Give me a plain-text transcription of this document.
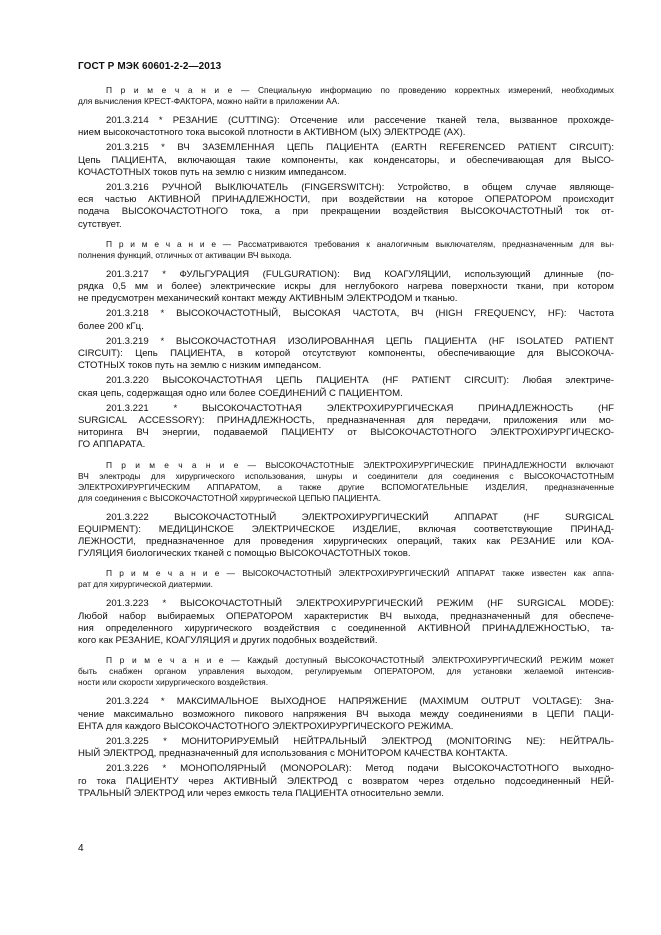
ГОСТ Р МЭК 60601-2-2—2013
П р и м е ч а н и е — Специальную информацию по проведению корректных измерений, необходимых
для вычисления КРЕСТ-ФАКТОРА, можно найти в приложении АА.
201.3.214 * РЕЗАНИЕ (CUTTING): Отсечение или рассечение тканей тела, вызванное прохожде-
нием высокочастотного тока высокой плотности в АКТИВНОМ (ЫХ) ЭЛЕКТРОДЕ (АХ).
201.3.215 * ВЧ ЗАЗЕМЛЕННАЯ ЦЕПЬ ПАЦИЕНТА (EARTH REFERENCED PATIENT CIRCUIT):
Цепь ПАЦИЕНТА, включающая такие компоненты, как конденсаторы, и обеспечивающая для ВЫСО-
КОЧАСТОТНЫХ токов путь на землю с низким импедансом.
201.3.216 РУЧНОЙ ВЫКЛЮЧАТЕЛЬ (FINGERSWITCH): Устройство, в общем случае являюще-
еся частью АКТИВНОЙ ПРИНАДЛЕЖНОСТИ, при воздействии на которое ОПЕРАТОРОМ происходит
подача ВЫСОКОЧАСТОТНОГО тока, а при прекращении воздействия ВЫСОКОЧАСТОТНЫЙ ток от-
сутствует.
П р и м е ч а н и е — Рассматриваются требования к аналогичным выключателям, предназначенным для вы-
полнения функций, отличных от активации ВЧ выхода.
201.3.217 * ФУЛЬГУРАЦИЯ (FULGURATION): Вид КОАГУЛЯЦИИ, использующий длинные (по-
рядка 0,5 мм и более) электрические искры для неглубокого нагрева поверхности ткани, при котором
не предусмотрен механический контакт между АКТИВНЫМ ЭЛЕКТРОДОМ и тканью.
201.3.218 * ВЫСОКОЧАСТОТНЫЙ, ВЫСОКАЯ ЧАСТОТА, ВЧ (HIGH FREQUENCY, HF): Частота
более 200 кГц.
201.3.219 * ВЫСОКОЧАСТОТНАЯ ИЗОЛИРОВАННАЯ ЦЕПЬ ПАЦИЕНТА (HF ISOLATED PATIENT
CIRCUIT): Цепь ПАЦИЕНТА, в которой отсутствуют компоненты, обеспечивающие для ВЫСОКОЧА-
СТОТНЫХ токов путь на землю с низким импедансом.
201.3.220 ВЫСОКОЧАСТОТНАЯ ЦЕПЬ ПАЦИЕНТА (HF PATIENT CIRCUIT): Любая электриче-
ская цепь, содержащая одно или более СОЕДИНЕНИЙ С ПАЦИЕНТОМ.
201.3.221 * ВЫСОКОЧАСТОТНАЯ ЭЛЕКТРОХИРУРГИЧЕСКАЯ ПРИНАДЛЕЖНОСТЬ (HF
SURGICAL ACCESSORY): ПРИНАДЛЕЖНОСТЬ, предназначенная для передачи, приложения или мо-
ниторинга ВЧ энергии, подаваемой ПАЦИЕНТУ от ВЫСОКОЧАСТОТНОГО ЭЛЕКТРОХИРУРГИЧЕСКО-
ГО АППАРАТА.
П р и м е ч а н и е — ВЫСОКОЧАСТОТНЫЕ ЭЛЕКТРОХИРУРГИЧЕСКИЕ ПРИНАДЛЕЖНОСТИ включают
ВЧ электроды для хирургического использования, шнуры и соединители для соединения с ВЫСОКОЧАСТОТНЫМ
ЭЛЕКТРОХИРУРГИЧЕСКИМ АППАРАТОМ, а также другие ВСПОМОГАТЕЛЬНЫЕ ИЗДЕЛИЯ, предназначенные
для соединения с ВЫСОКОЧАСТОТНОЙ хирургической ЦЕПЬЮ ПАЦИЕНТА.
201.3.222 ВЫСОКОЧАСТОТНЫЙ ЭЛЕКТРОХИРУРГИЧЕСКИЙ АППАРАТ (HF SURGICAL
EQUIPMENT): МЕДИЦИНСКОЕ ЭЛЕКТРИЧЕСКОЕ ИЗДЕЛИЕ, включая соответствующие ПРИНАД-
ЛЕЖНОСТИ, предназначенное для проведения хирургических операций, таких как РЕЗАНИЕ или КОА-
ГУЛЯЦИЯ биологических тканей с помощью ВЫСОКОЧАСТОТНЫХ токов.
П р и м е ч а н и е — ВЫСОКОЧАСТОТНЫЙ ЭЛЕКТРОХИРУРГИЧЕСКИЙ АППАРАТ также известен как аппа-
рат для хирургической диатермии.
201.3.223 * ВЫСОКОЧАСТОТНЫЙ ЭЛЕКТРОХИРУРГИЧЕСКИЙ РЕЖИМ (HF SURGICAL MODE):
Любой набор выбираемых ОПЕРАТОРОМ характеристик ВЧ выхода, предназначенный для обеспече-
ния определенного хирургического воздействия с соединенной АКТИВНОЙ ПРИНАДЛЕЖНОСТЬЮ, та-
кого как РЕЗАНИЕ, КОАГУЛЯЦИЯ и других подобных воздействий.
П р и м е ч а н и е — Каждый доступный ВЫСОКОЧАСТОТНЫЙ ЭЛЕКТРОХИРУРГИЧЕСКИЙ РЕЖИМ может
быть снабжен органом управления выходом, регулируемым ОПЕРАТОРОМ, для установки желаемой интенсив-
ности или скорости хирургического воздействия.
201.3.224 * МАКСИМАЛЬНОЕ ВЫХОДНОЕ НАПРЯЖЕНИЕ (MAXIMUM OUTPUT VOLTAGE): Зна-
чение максимально возможного пикового напряжения ВЧ выхода между соединениями в ЦЕПИ ПАЦИ-
ЕНТА для каждого ВЫСОКОЧАСТОТНОГО ЭЛЕКТРОХИРУРГИЧЕСКОГО РЕЖИМА.
201.3.225 * МОНИТОРИРУЕМЫЙ НЕЙТРАЛЬНЫЙ ЭЛЕКТРОД (MONITORING NE): НЕЙТРАЛЬ-
НЫЙ ЭЛЕКТРОД, предназначенный для использования с МОНИТОРОМ КАЧЕСТВА КОНТАКТА.
201.3.226 * МОНОПОЛЯРНЫЙ (MONOPOLAR): Метод подачи ВЫСОКОЧАСТОТНОГО выходно-
го тока ПАЦИЕНТУ через АКТИВНЫЙ ЭЛЕКТРОД с возвратом через отдельно подсоединенный НЕЙ-
ТРАЛЬНЫЙ ЭЛЕКТРОД или через емкость тела ПАЦИЕНТА относительно земли.
4
